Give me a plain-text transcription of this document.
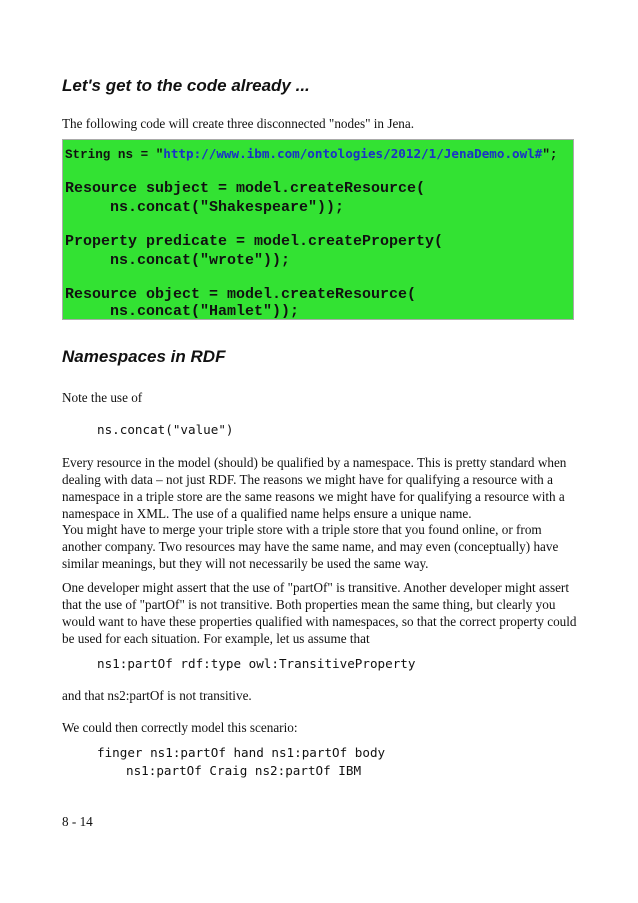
Let's get to the code already ...

The following code will create three disconnected "nodes" in Jena.

String ns = "http://www.ibm.com/ontologies/2012/1/JenaDemo.owl#";
Resource subject = model.createResource(
ns.concat("Shakespeare"));
Property predicate = model.createProperty(
ns.concat("wrote"));
Resource object = model.createResource(
ns.concat("Hamlet"));
Namespaces in RDF

Note the use of

ns.concat("value")

Every resource in the model (should) be qualified by a namespace. This is pretty standard when dealing with data – not just RDF. The reasons we might have for qualifying a resource with a namespace in a triple store are the same reasons we might have for qualifying a resource with a namespace in XML. The use of a qualified name helps ensure a unique name.

You might have to merge your triple store with a triple store that you found online, or from another company. Two resources may have the same name, and may even (conceptually) have similar meanings, but they will not necessarily be used the same way.

One developer might assert that the use of "partOf" is transitive. Another developer might assert that the use of "partOf" is not transitive. Both properties mean the same thing, but clearly you would want to have these properties qualified with namespaces, so that the correct property could be used for each situation. For example, let us assume that

ns1:partOf rdf:type owl:TransitiveProperty

and that ns2:partOf is not transitive.

We could then correctly model this scenario:

finger ns1:partOf hand ns1:partOf body
ns1:partOf Craig ns2:partOf IBM
8 - 14
